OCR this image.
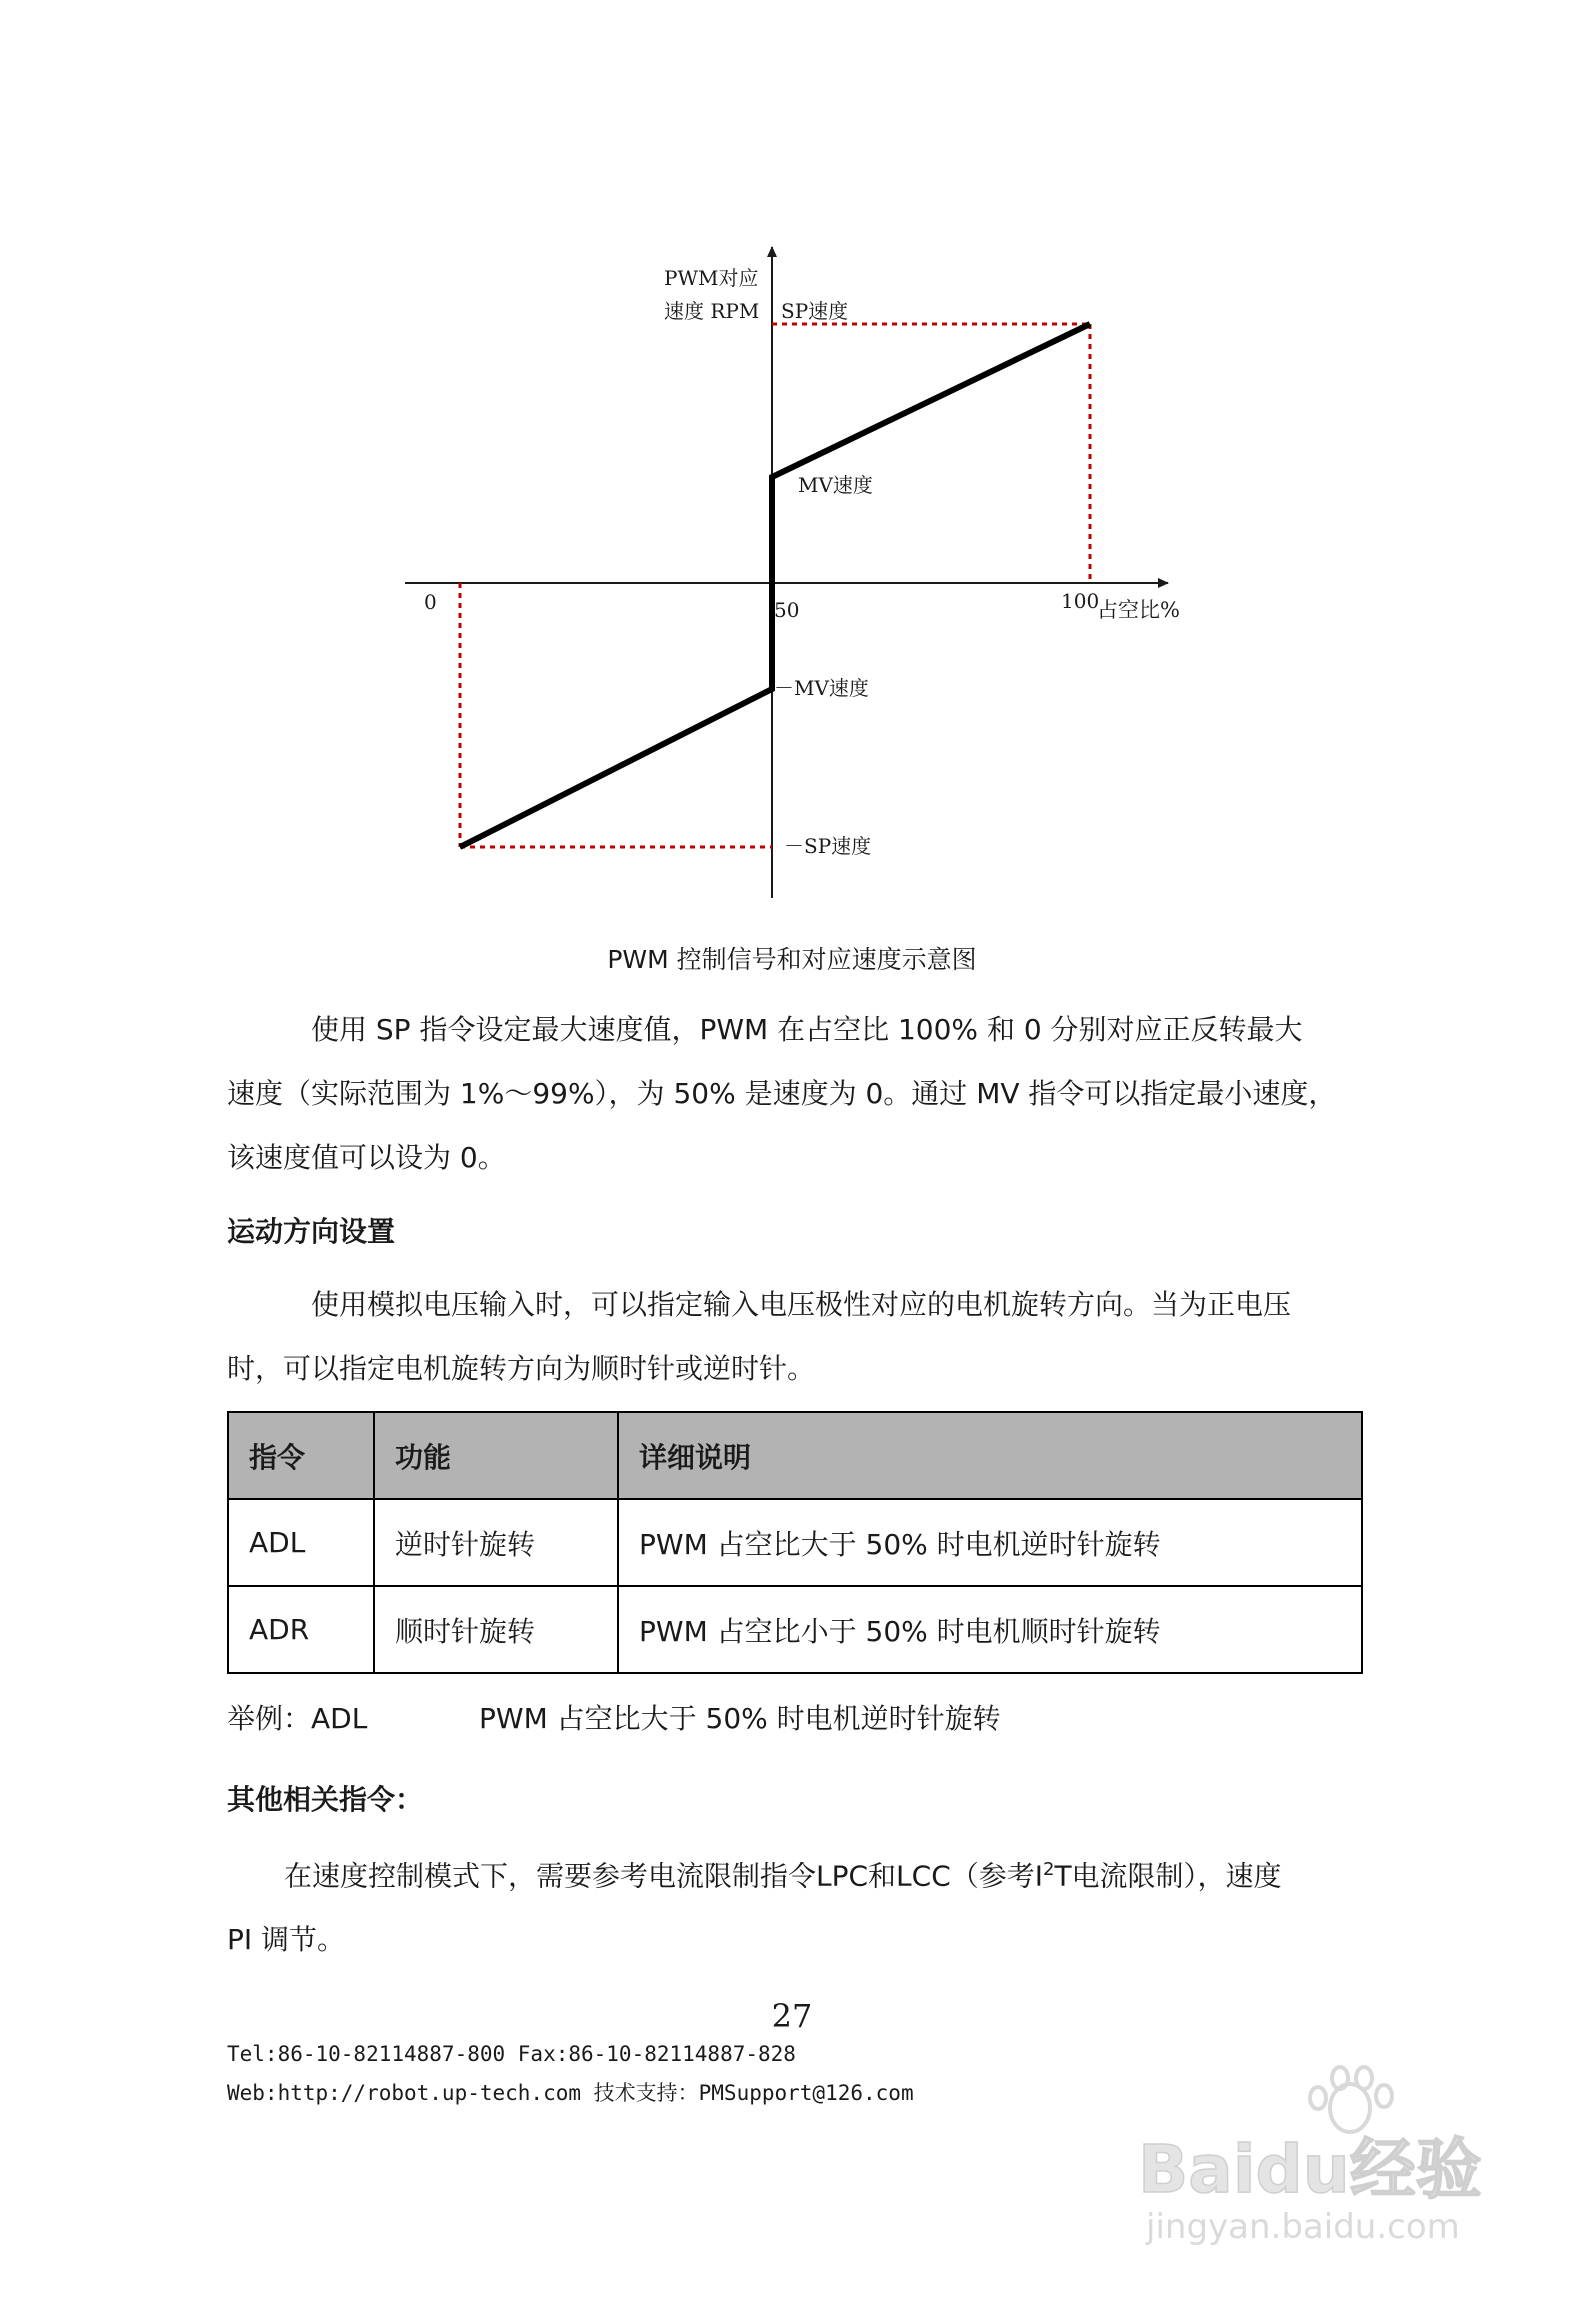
PWM对应
速度 RPM SP速度
MV速度
0	50	100
占空比%
－MV速度
－SP速度
PWM 控制信号和对应速度示意图
使用 SP 指令设定最大速度值，PWM 在占空比 100% 和 0 分别对应正反转最大
速度（实际范围为 1%～99%），为 50% 是速度为 0。通过 MV 指令可以指定最小速度，
该速度值可以设为 0。
运动方向设置
使用模拟电压输入时，可以指定输入电压极性对应的电机旋转方向。当为正电压
时，可以指定电机旋转方向为顺时针或逆时针。
指令	功能	详细说明
ADL	逆时针旋转	PWM 占空比大于 50% 时电机逆时针旋转
ADR	顺时针旋转	PWM 占空比小于 50% 时电机顺时针旋转
举例：ADL	PWM 占空比大于 50% 时电机逆时针旋转
其他相关指令：
在速度控制模式下，需要参考电流限制指令LPC和LCC（参考$I^2T$电流限制），速度
PI 调节。
27
Tel:86-10-82114887-800 Fax:86-10-82114887-828
Web:http://robot.up-tech.com 技术支持：PMSupport@126.com
Baidu经验
jingyan.baidu.com
